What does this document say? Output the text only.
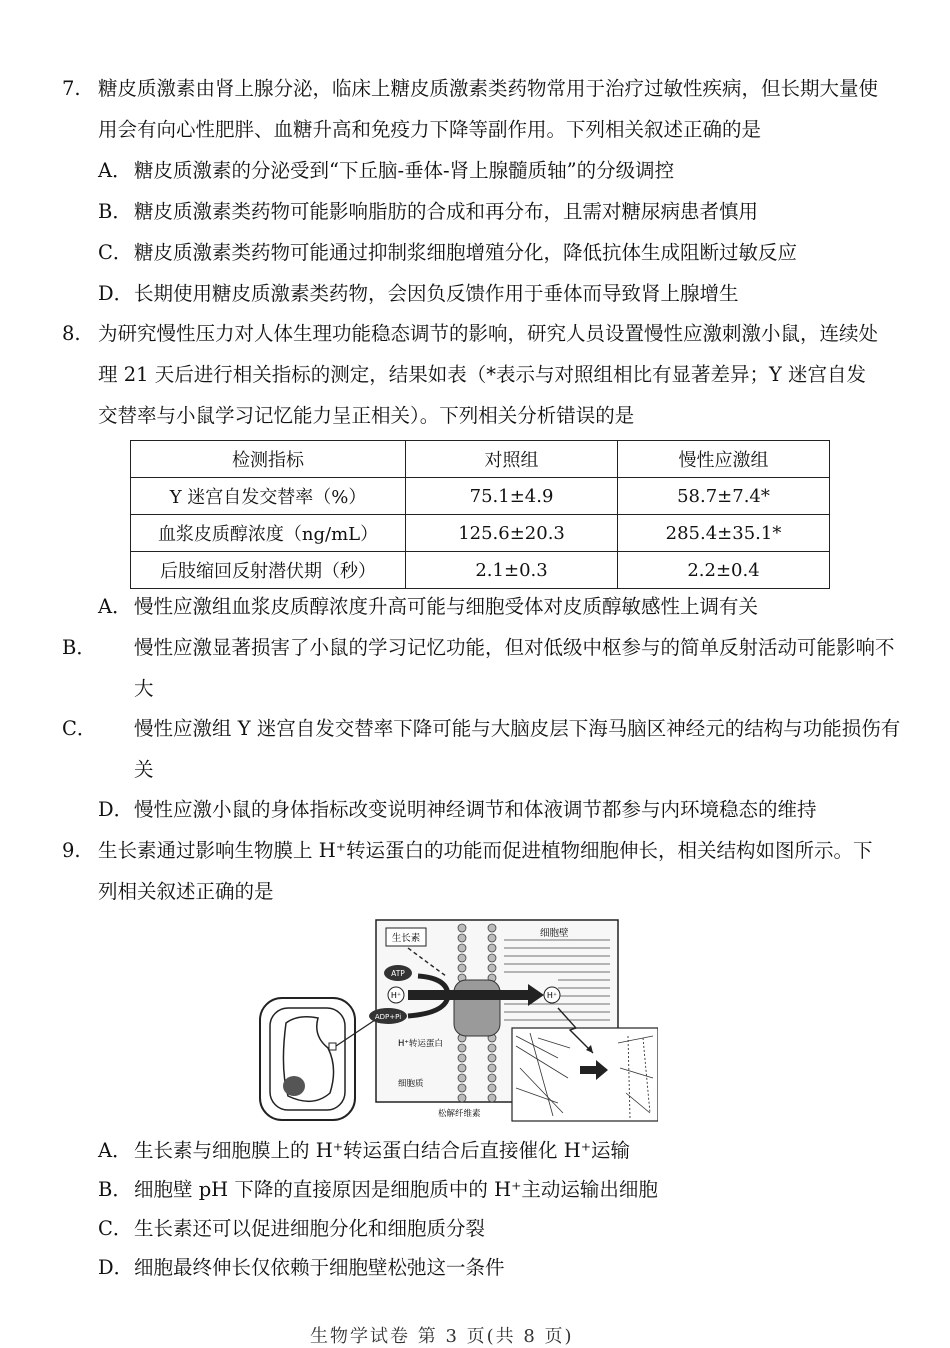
7. 糖皮质激素由肾上腺分泌，临床上糖皮质激素类药物常用于治疗过敏性疾病，但长期大量使用会有向心性肥胖、血糖升高和免疫力下降等副作用。下列相关叙述正确的是
A． 糖皮质激素的分泌受到“下丘脑-垂体-肾上腺髓质轴”的分级调控
B． 糖皮质激素类药物可能影响脂肪的合成和再分布，且需对糖尿病患者慎用
C．糖皮质激素类药物可能通过抑制浆细胞增殖分化，降低抗体生成阻断过敏反应
D．长期使用糖皮质激素类药物，会因负反馈作用于垂体而导致肾上腺增生
8. 为研究慢性压力对人体生理功能稳态调节的影响，研究人员设置慢性应激刺激小鼠，连续处理 21 天后进行相关指标的测定，结果如表（*表示与对照组相比有显著差异；Y 迷宫自发交替率与小鼠学习记忆能力呈正相关）。下列相关分析错误的是
检测指标	对照组	慢性应激组
Y 迷宫自发交替率（%）	75.1±4.9	58.7±7.4*
血浆皮质醇浓度（ng/mL）	125.6±20.3	285.4±35.1*
后肢缩回反射潜伏期（秒）	2.1±0.3	2.2±0.4
A． 慢性应激组血浆皮质醇浓度升高可能与细胞受体对皮质醇敏感性上调有关
B． 慢性应激显著损害了小鼠的学习记忆功能，但对低级中枢参与的简单反射活动可能影响不大
C． 慢性应激组 Y 迷宫自发交替率下降可能与大脑皮层下海马脑区神经元的结构与功能损伤有关
D．慢性应激小鼠的身体指标改变说明神经调节和体液调节都参与内环境稳态的维持
9. 生长素通过影响生物膜上 H⁺转运蛋白的功能而促进植物细胞伸长，相关结构如图所示。下列相关叙述正确的是
生长素	细胞壁
ATP
ADP+Pi
H⁺	H⁺
H⁺转运蛋白
细胞质
松解纤维素
A． 生长素与细胞膜上的 H⁺转运蛋白结合后直接催化 H⁺运输
B． 细胞壁 pH 下降的直接原因是细胞质中的 H⁺主动运输出细胞
C．生长素还可以促进细胞分化和细胞质分裂
D．细胞最终伸长仅依赖于细胞壁松弛这一条件
生物学试卷 第 3 页(共 8 页)
